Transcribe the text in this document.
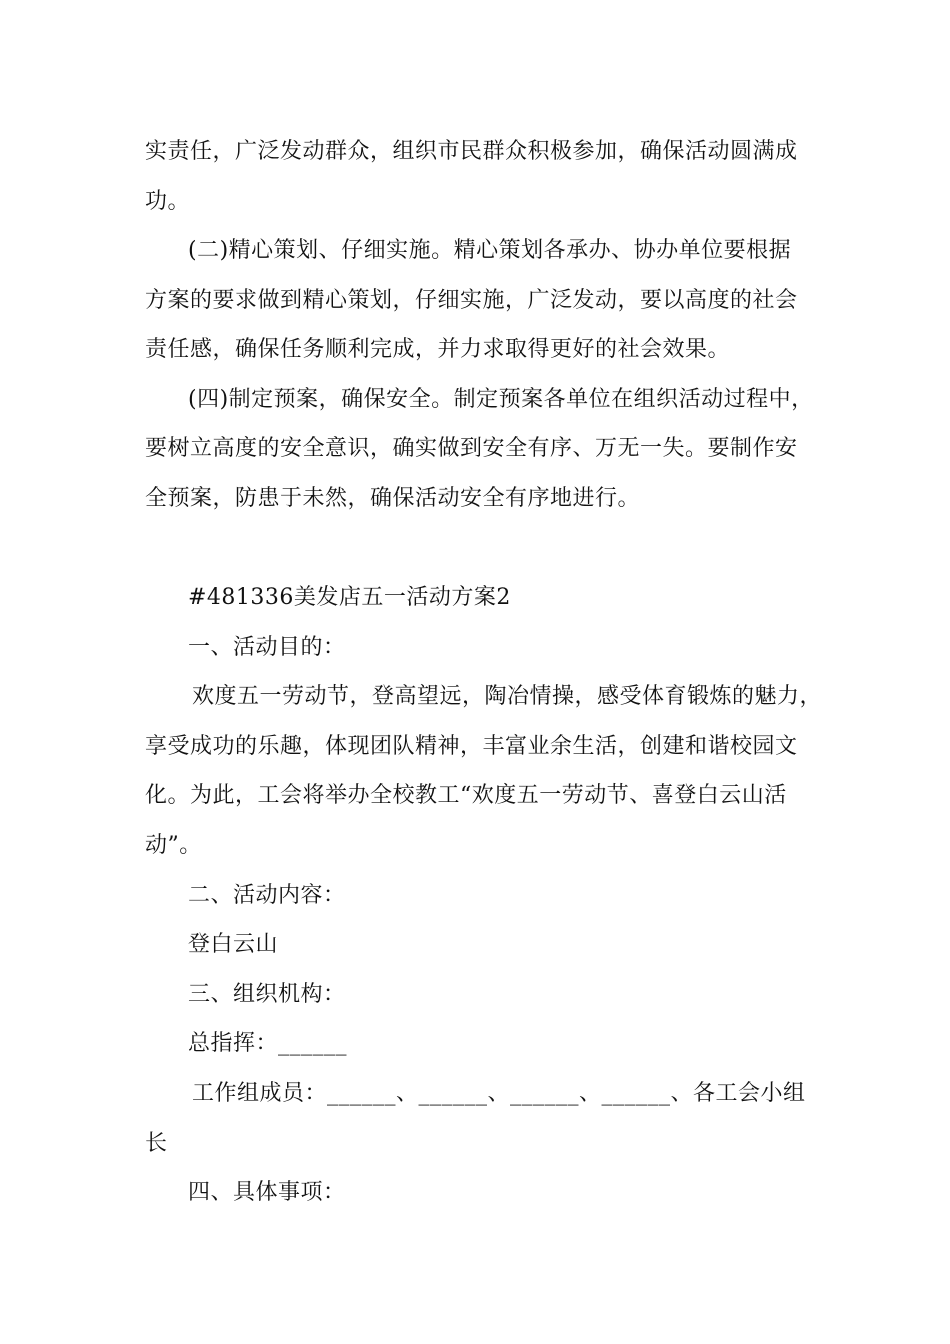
实责任，广泛发动群众，组织市民群众积极参加，确保活动圆满成
功。
(二)精心策划、仔细实施。精心策划各承办、协办单位要根据
方案的要求做到精心策划，仔细实施，广泛发动，要以高度的社会
责任感，确保任务顺利完成，并力求取得更好的社会效果。
(四)制定预案，确保安全。制定预案各单位在组织活动过程中，
要树立高度的安全意识，确实做到安全有序、万无一失。要制作安
全预案，防患于未然，确保活动安全有序地进行。
#481336美发店五一活动方案2
一、活动目的：
欢度五一劳动节，登高望远，陶冶情操，感受体育锻炼的魅力，
享受成功的乐趣，体现团队精神，丰富业余生活，创建和谐校园文
化。为此，工会将举办全校教工“欢度五一劳动节、喜登白云山活
动”。
二、活动内容：
登白云山
三、组织机构：
总指挥：______
工作组成员：______、______、______、______、各工会小组
长
四、具体事项：
